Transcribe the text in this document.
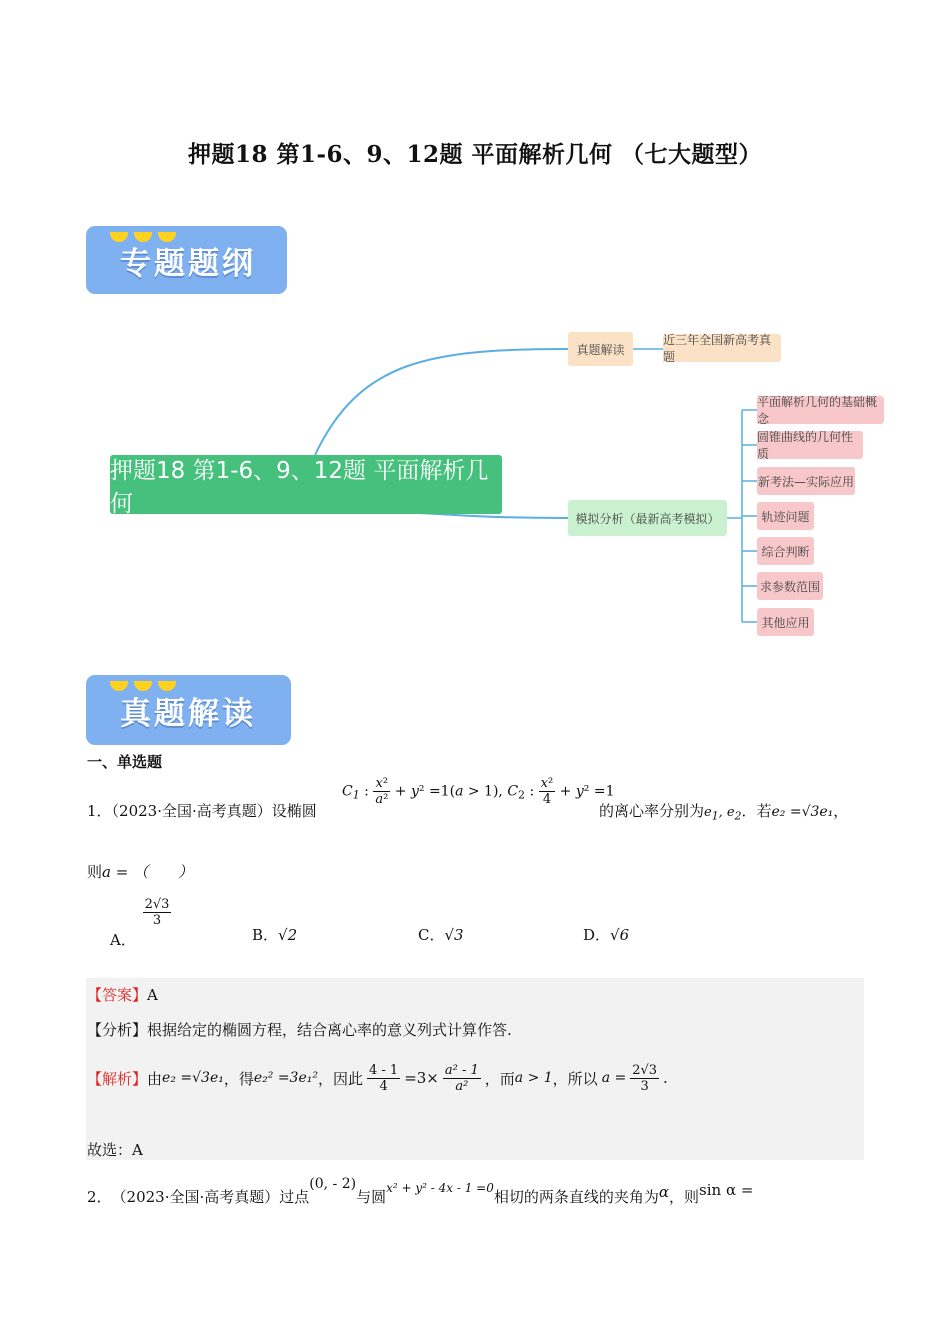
押题18 第1-6、9、12题 平面解析几何 （七大题型）
专题题纲
押题18 第1-6、9、12题 平面解析几何
真题解读
近三年全国新高考真题
模拟分析（最新高考模拟）
平面解析几何的基础概念
圆锥曲线的几何性质
新考法—实际应用
轨迹问题
综合判断
求参数范围
其他应用
真题解读
一、单选题
1．（2023·全国·高考真题）设椭圆
$C_1$ : $\frac{\text{x²}}{\text{a²}} + y^2 =1(a > 1)$, $C_2$ : $\frac{\text{x²}}{4} + y^2 =1$
的离心率分别为$e_1$, $e_2$．若e₂ =√3e₁，
则a = （　　）
A．
$\frac{2√3}{3}$
B．√2	C．√3	D．√6
【答案】A
【分析】根据给定的椭圆方程，结合离心率的意义列式计算作答.
【解析】 由 e₂ =√3e₁ ，得 e₂² =3e₁² ，因此 $\frac{4 - 1}{4} =3\times \frac{\text{a² - 1}}{\text{a²}}$ ，而 a > 1 ，所以 $a = \frac{2√3}{3}$ .
故选：A
2． （2023·全国·高考真题）过点
(0, - 2)
与圆 x² + y² - 4x - 1 =0 相切的两条直线的夹角为 α ，则 sin α =
